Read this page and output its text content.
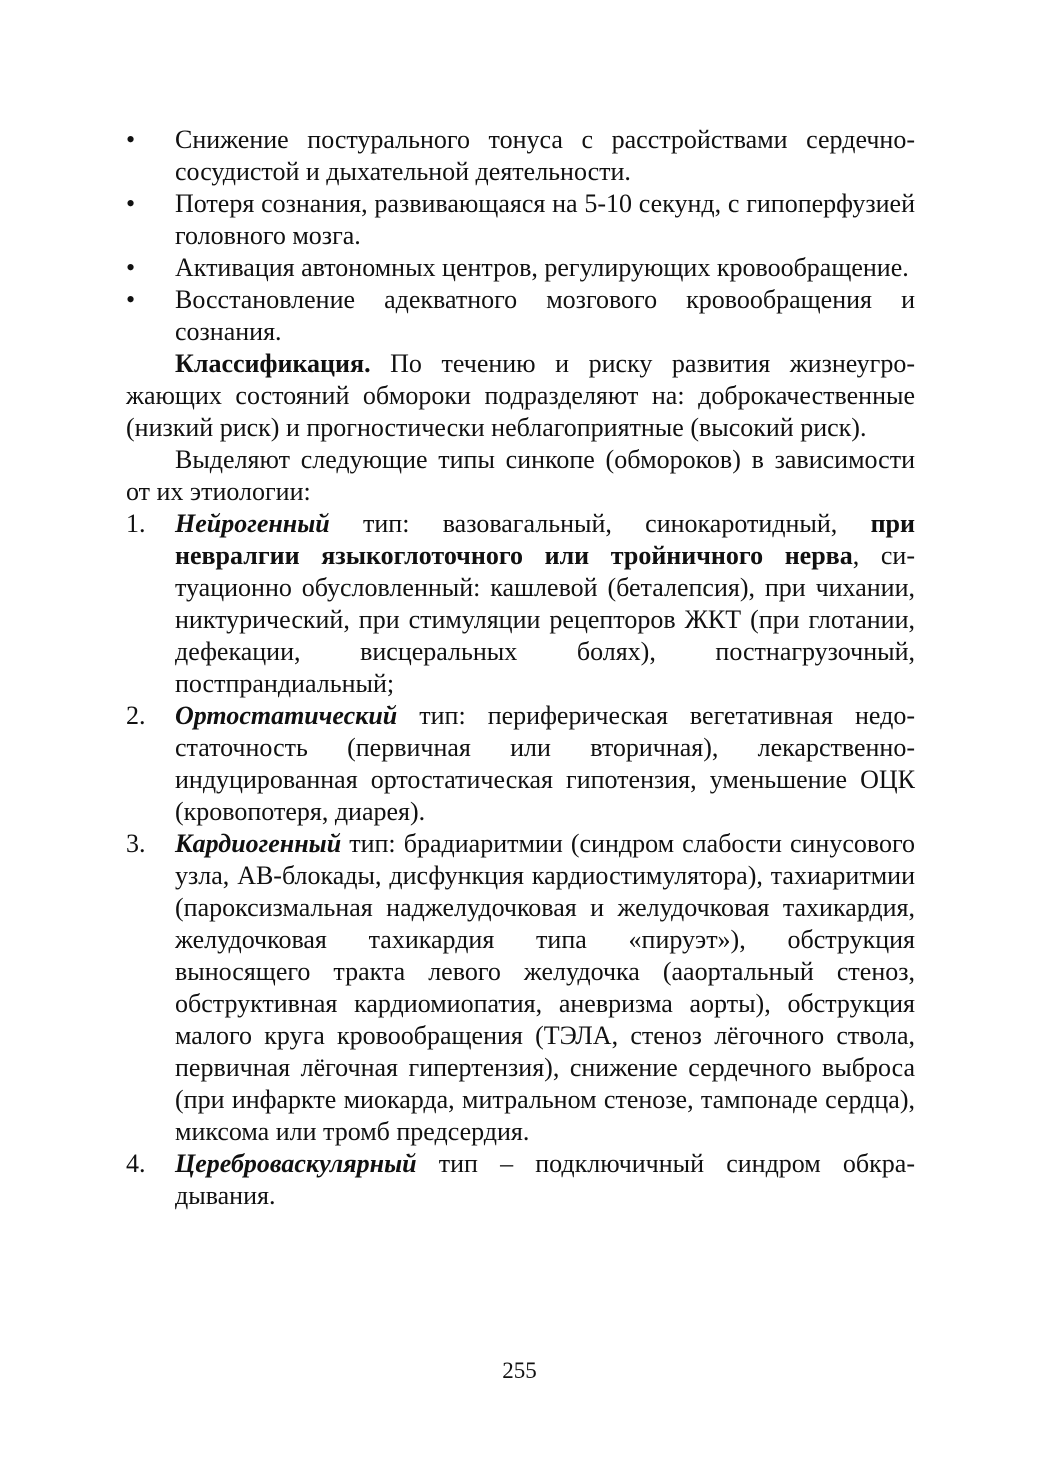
•	Снижение постурального тонуса с расстройствами сердечно-сосудистой и дыхательной деятельности.
•	Потеря сознания, развивающаяся на 5-10 секунд, с гипоперфузией головного мозга.
•	Активация автономных центров, регулирующих кровообращение.
•	Восстановление адекватного мозгового кровообращения и сознания.
Классификация. По течению и риску развития жизнеугрожающих состояний обмороки подразделяют на: доброкачественные (низкий риск) и прогностически неблагоприятные (высокий риск).
Выделяют следующие типы синкопе (обмороков) в зависимости от их этиологии:
1.	Нейрогенный тип: вазовагальный, синокаротидный, при невралгии языкоглоточного или тройничного нерва, ситуационно обусловленный: кашлевой (беталепсия), при чихании, никтурический, при стимуляции рецепторов ЖКТ (при глотании, дефекации, висцеральных болях), постнагрузочный, постпрандиальный;
2.	Ортостатический тип: периферическая вегетативная недостаточность (первичная или вторичная), лекарственно-индуцированная ортостатическая гипотензия, уменьшение ОЦК (кровопотеря, диарея).
3.	Кардиогенный тип: брадиаритмии (синдром слабости синусового узла, АВ-блокады, дисфункция кардиостимулятора), тахиаритмии (пароксизмальная наджелудочковая и желудочковая тахикардия, желудочковая тахикардия типа «пируэт»), обструкция выносящего тракта левого желудочка (ааортальный стеноз, обструктивная кардиомиопатия, аневризма аорты), обструкция малого круга кровообращения (ТЭЛА, стеноз лёгочного ствола, первичная лёгочная гипертензия), снижение сердечного выброса (при инфаркте миокарда, митральном стенозе, тампонаде сердца), миксома или тромб предсердия.
4.	Цереброваскулярный тип – подключичный синдром обкрадывания.
255
